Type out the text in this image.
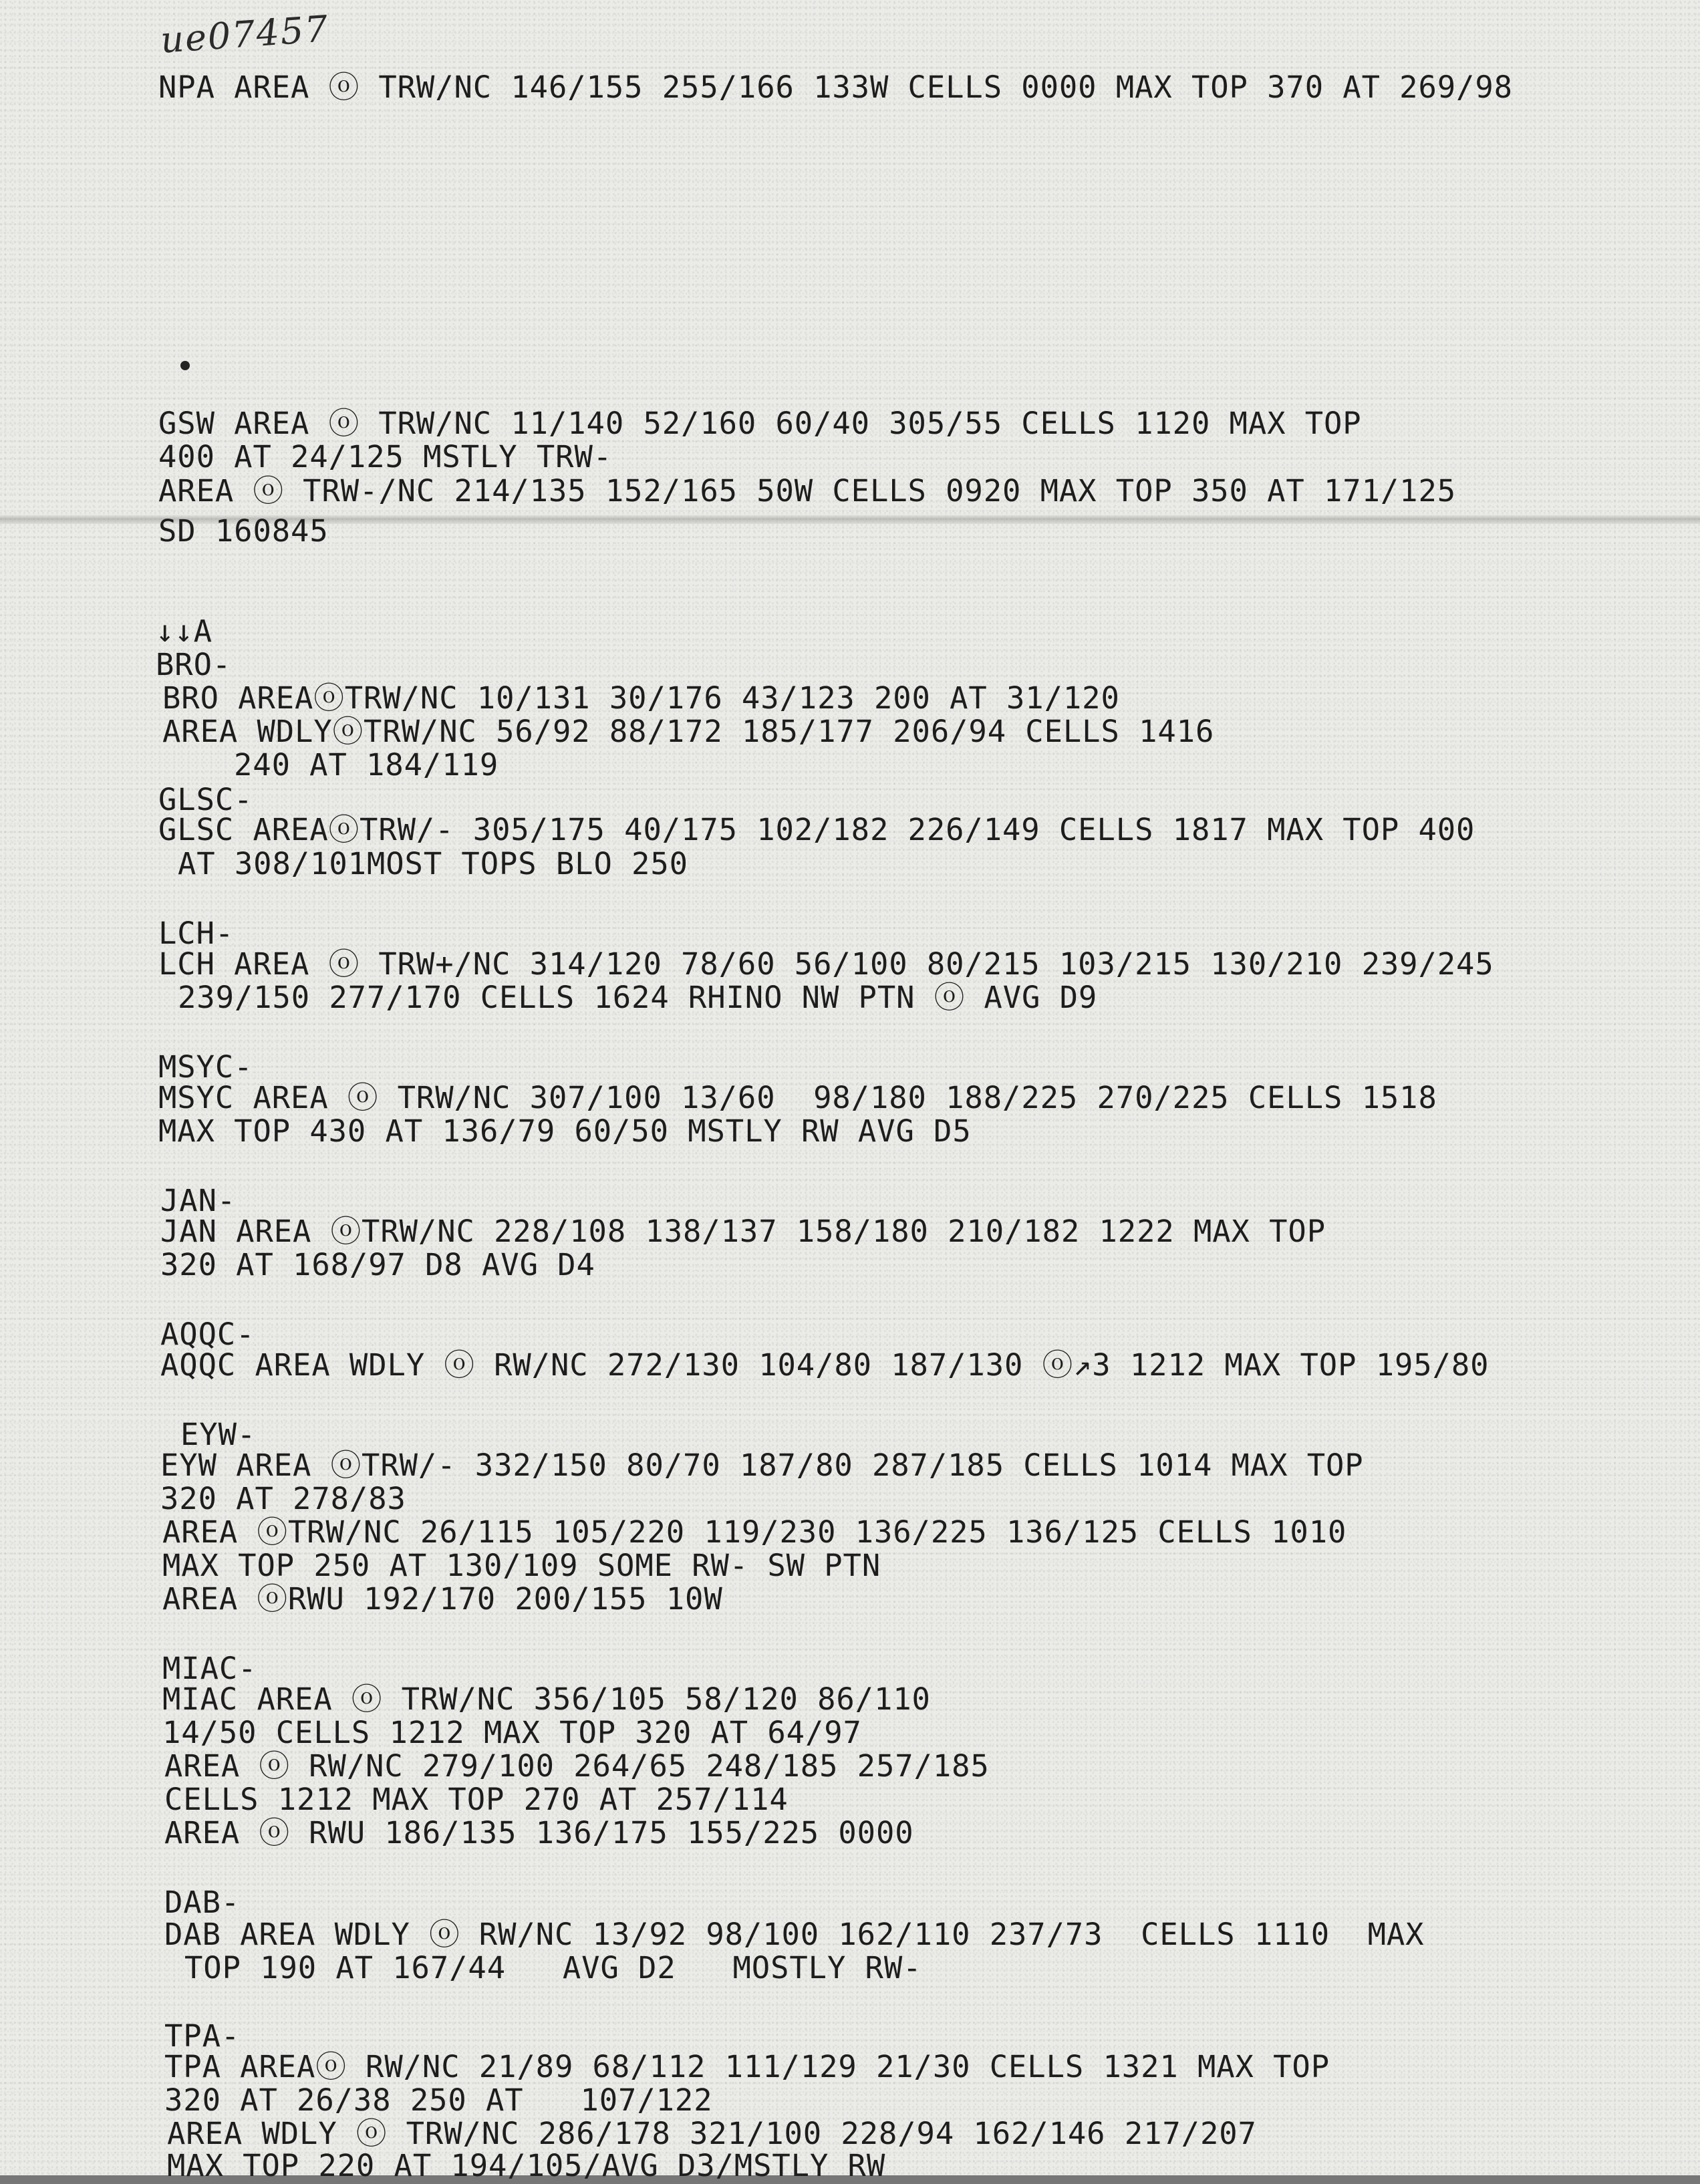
ue07457
NPA AREA ⓞ TRW/NC 146/155 255/166 133W CELLS 0000 MAX TOP 370 AT 269/98
GSW AREA ⓞ TRW/NC 11/140 52/160 60/40 305/55 CELLS 1120 MAX TOP
400 AT 24/125 MSTLY TRW-
AREA ⓞ TRW-/NC 214/135 152/165 50W CELLS 0920 MAX TOP 350 AT 171/125
SD 160845
↓↓A
BRO-
BRO AREAⓞTRW/NC 10/131 30/176 43/123 200 AT 31/120
AREA WDLYⓞTRW/NC 56/92 88/172 185/177 206/94 CELLS 1416
240 AT 184/119
GLSC-
GLSC AREAⓞTRW/- 305/175 40/175 102/182 226/149 CELLS 1817 MAX TOP 400
AT 308/101MOST TOPS BLO 250
LCH-
LCH AREA ⓞ TRW+/NC 314/120 78/60 56/100 80/215 103/215 130/210 239/245
239/150 277/170 CELLS 1624 RHINO NW PTN ⓞ AVG D9
MSYC-
MSYC AREA ⓞ TRW/NC 307/100 13/60  98/180 188/225 270/225 CELLS 1518
MAX TOP 430 AT 136/79 60/50 MSTLY RW AVG D5
JAN-
JAN AREA ⓞTRW/NC 228/108 138/137 158/180 210/182 1222 MAX TOP
320 AT 168/97 D8 AVG D4
AQQC-
AQQC AREA WDLY ⓞ RW/NC 272/130 104/80 187/130 ⓞ↗3 1212 MAX TOP 195/80
EYW-
EYW AREA ⓞTRW/- 332/150 80/70 187/80 287/185 CELLS 1014 MAX TOP
320 AT 278/83
AREA ⓞTRW/NC 26/115 105/220 119/230 136/225 136/125 CELLS 1010
MAX TOP 250 AT 130/109 SOME RW- SW PTN
AREA ⓞRWU 192/170 200/155 10W
MIAC-
MIAC AREA ⓞ TRW/NC 356/105 58/120 86/110
14/50 CELLS 1212 MAX TOP 320 AT 64/97
AREA ⓞ RW/NC 279/100 264/65 248/185 257/185
CELLS 1212 MAX TOP 270 AT 257/114
AREA ⓞ RWU 186/135 136/175 155/225 0000
DAB-
DAB AREA WDLY ⓞ RW/NC 13/92 98/100 162/110 237/73  CELLS 1110  MAX
TOP 190 AT 167/44   AVG D2   MOSTLY RW-
TPA-
TPA AREAⓞ RW/NC 21/89 68/112 111/129 21/30 CELLS 1321 MAX TOP
320 AT 26/38 250 AT   107/122
AREA WDLY ⓞ TRW/NC 286/178 321/100 228/94 162/146 217/207
MAX TOP 220 AT 194/105/AVG D3/MSTLY RW
